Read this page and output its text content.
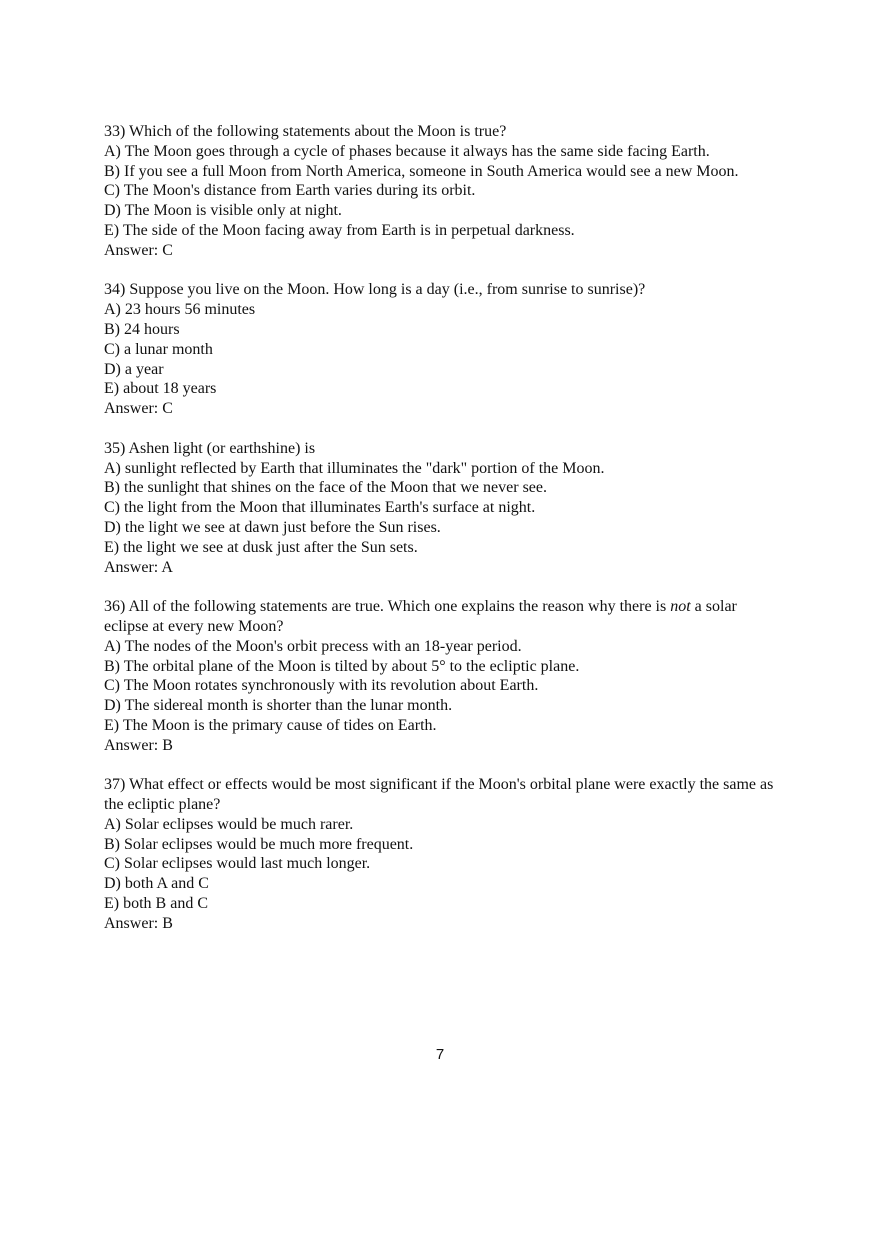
33) Which of the following statements about the Moon is true?

A) The Moon goes through a cycle of phases because it always has the same side facing Earth.

B) If you see a full Moon from North America, someone in South America would see a new Moon.

C) The Moon's distance from Earth varies during its orbit.

D) The Moon is visible only at night.

E) The side of the Moon facing away from Earth is in perpetual darkness.

Answer: C

34) Suppose you live on the Moon. How long is a day (i.e., from sunrise to sunrise)?

A) 23 hours 56 minutes

B) 24 hours

C) a lunar month

D) a year

E) about 18 years

Answer: C

35) Ashen light (or earthshine) is

A) sunlight reflected by Earth that illuminates the "dark" portion of the Moon.

B) the sunlight that shines on the face of the Moon that we never see.

C) the light from the Moon that illuminates Earth's surface at night.

D) the light we see at dawn just before the Sun rises.

E) the light we see at dusk just after the Sun sets.

Answer: A

36) All of the following statements are true. Which one explains the reason why there is not a solar eclipse at every new Moon?

A) The nodes of the Moon's orbit precess with an 18-year period.

B) The orbital plane of the Moon is tilted by about 5° to the ecliptic plane.

C) The Moon rotates synchronously with its revolution about Earth.

D) The sidereal month is shorter than the lunar month.

E) The Moon is the primary cause of tides on Earth.

Answer: B

37) What effect or effects would be most significant if the Moon's orbital plane were exactly the same as the ecliptic plane?

A) Solar eclipses would be much rarer.

B) Solar eclipses would be much more frequent.

C) Solar eclipses would last much longer.

D) both A and C

E) both B and C

Answer: B

7
